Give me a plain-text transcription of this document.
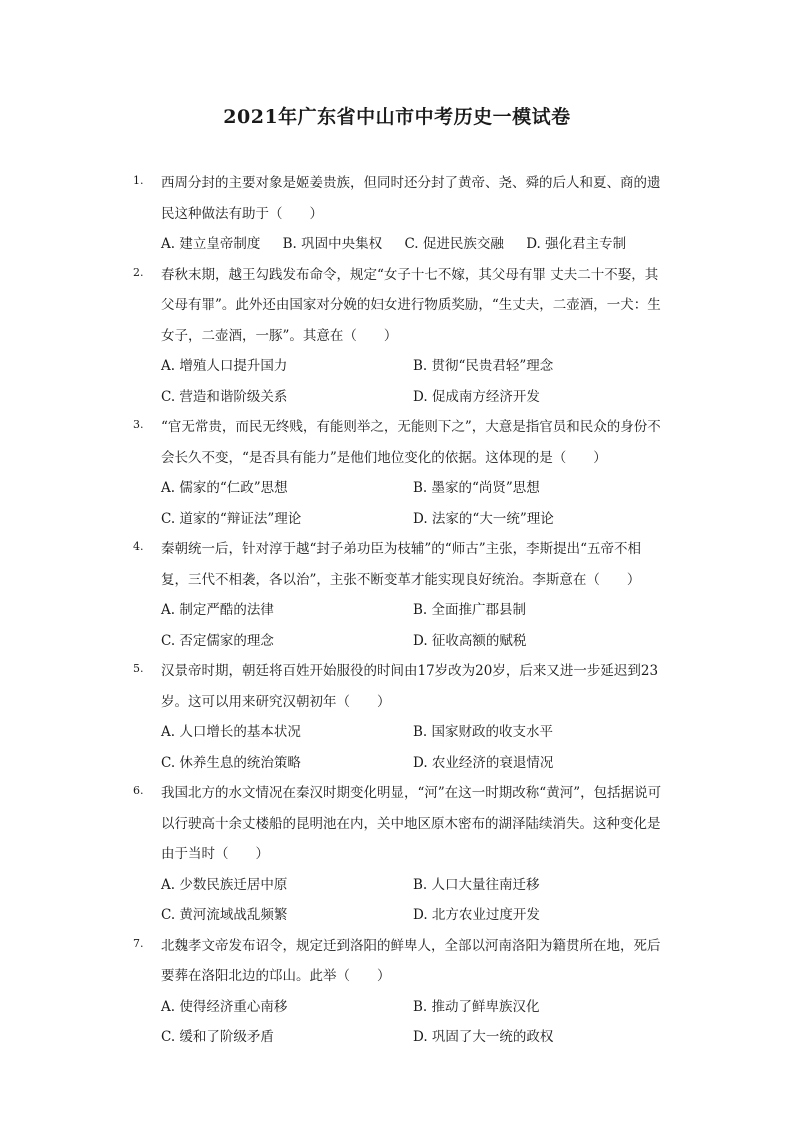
2021年广东省中山市中考历史一模试卷
1. 西周分封的主要对象是姬姜贵族，但同时还分封了黄帝、尧、舜的后人和夏、商的遗民这种做法有助于（　　）
A. 建立皇帝制度 B. 巩固中央集权 C. 促进民族交融 D. 强化君主专制
2. 春秋末期，越王勾践发布命令，规定“女子十七不嫁，其父母有罪 丈夫二十不娶，其父母有罪”。此外还由国家对分娩的妇女进行物质奖励，“生丈夫，二壶酒，一犬：生女子，二壶酒，一豚”。其意在（　　）
A. 增殖人口提升国力	B. 贯彻“民贵君轻”理念
C. 营造和谐阶级关系	D. 促成南方经济开发
3. “官无常贵，而民无终贱，有能则举之，无能则下之”，大意是指官员和民众的身份不会长久不变，“是否具有能力”是他们地位变化的依据。这体现的是（　　）
A. 儒家的“仁政”思想	B. 墨家的“尚贤”思想
C. 道家的“辩证法”理论	D. 法家的“大一统”理论
4. 秦朝统一后，针对淳于越“封子弟功臣为枝辅”的“师古”主张，李斯提出“五帝不相复，三代不相袭，各以治”，主张不断变革才能实现良好统治。李斯意在（　　）
A. 制定严酷的法律	B. 全面推广郡县制
C. 否定儒家的理念	D. 征收高额的赋税
5. 汉景帝时期，朝廷将百姓开始服役的时间由17岁改为20岁，后来又进一步延迟到23岁。这可以用来研究汉朝初年（　　）
A. 人口增长的基本状况	B. 国家财政的收支水平
C. 休养生息的统治策略	D. 农业经济的衰退情况
6. 我国北方的水文情况在秦汉时期变化明显，“河”在这一时期改称“黄河”，包括据说可以行驶高十余丈楼船的昆明池在内，关中地区原木密布的湖泽陆续消失。这种变化是由于当时（　　）
A. 少数民族迁居中原	B. 人口大量往南迁移
C. 黄河流域战乱频繁	D. 北方农业过度开发
7. 北魏孝文帝发布诏令，规定迁到洛阳的鲜卑人，全部以河南洛阳为籍贯所在地，死后要葬在洛阳北边的邙山。此举（　　）
A. 使得经济重心南移	B. 推动了鲜卑族汉化
C. 缓和了阶级矛盾	D. 巩固了大一统的政权
